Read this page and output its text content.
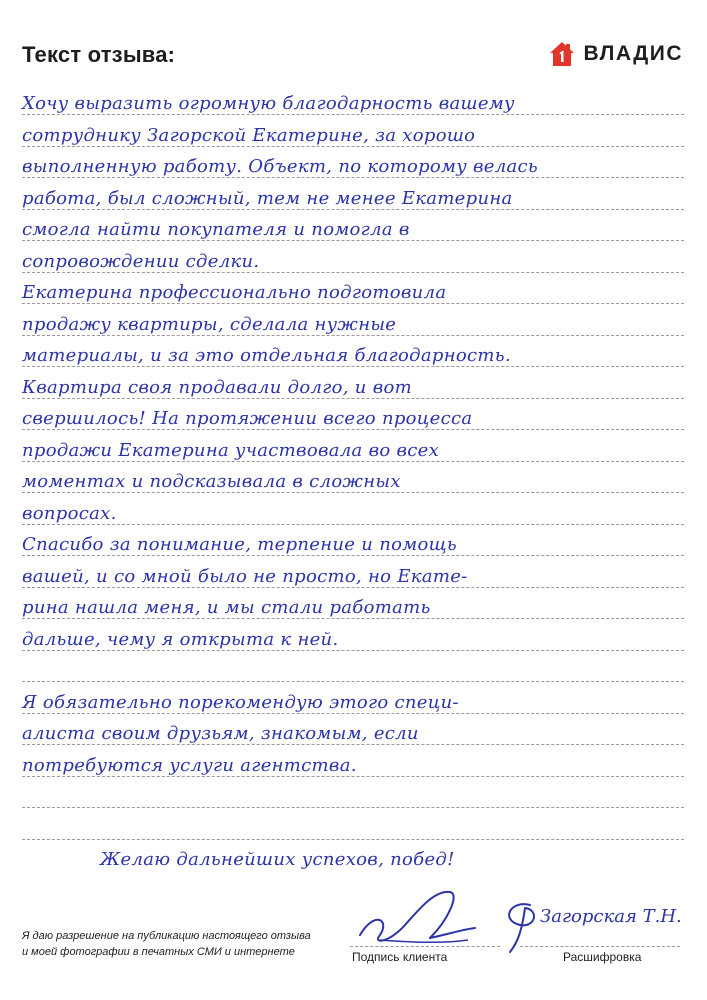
Текст отзыва:	ВЛАДИС
Хочу выразить огромную благодарность вашему
сотруднику Загорской Екатерине, за хорошо
выполненную работу. Объект, по которому велась
работа, был сложный, тем не менее Екатерина
смогла найти покупателя и помогла в
сопровождении сделки.
Екатерина профессионально подготовила
продажу квартиры, сделала нужные
материалы, и за это отдельная благодарность.
Квартира своя продавали долго, и вот
свершилось! На протяжении всего процесса
продажи Екатерина участвовала во всех
моментах и подсказывала в сложных
вопросах.
Спасибо за понимание, терпение и помощь
вашей, и со мной было не просто, но Екате-
рина нашла меня, и мы стали работать
дальше, чему я открыта к ней.
Я обязательно порекомендую этого специ-
алиста своим друзьям, знакомым, если
потребуются услуги агентства.
Желаю дальнейших успехов, побед!
Я даю разрешение на публикацию настоящего отзыва
и моей фотографии в печатных СМИ и интернете
Загорская Т.Н.
Подпись клиента	Расшифровка
